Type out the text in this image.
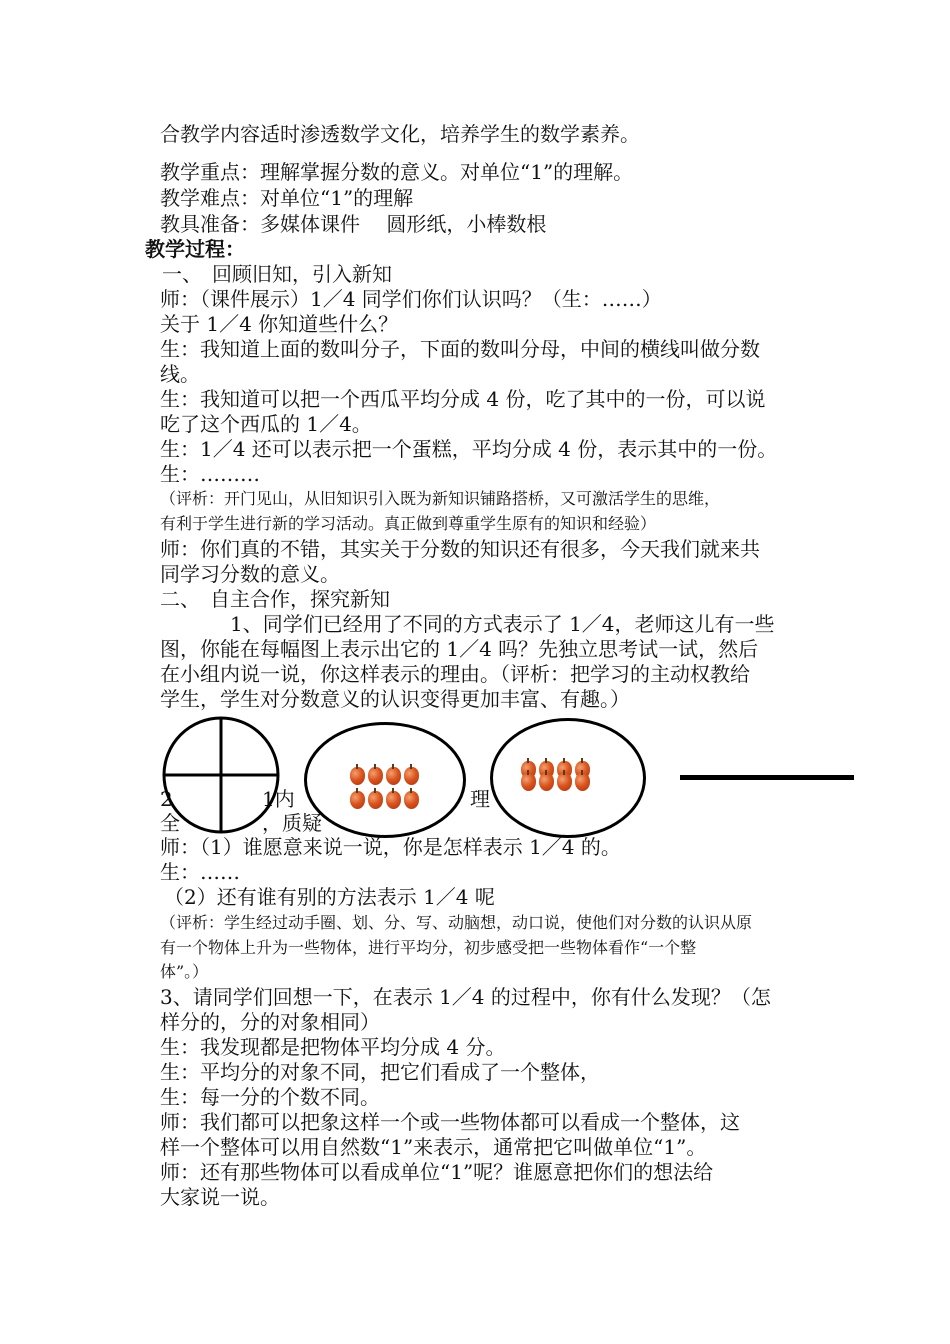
合教学内容适时渗透数学文化，培养学生的数学素养。
教学重点：理解掌握分数的意义。对单位“1”的理解。
教学难点：对单位“1”的理解
教具准备：多媒体课件　 圆形纸，小棒数根
教学过程：
一、　回顾旧知，引入新知
师：（课件展示）1／4 同学们你们认识吗？（生：……）
关于 1／4 你知道些什么？
生：我知道上面的数叫分子，下面的数叫分母，中间的横线叫做分数
线。
生：我知道可以把一个西瓜平均分成 4 份，吃了其中的一份，可以说
吃了这个西瓜的 1／4。
生：1／4 还可以表示把一个蛋糕，平均分成 4 份，表示其中的一份。
生：………
（评析：开门见山，从旧知识引入既为新知识铺路搭桥，又可激活学生的思维，
有利于学生进行新的学习活动。真正做到尊重学生原有的知识和经验）
师：你们真的不错，其实关于分数的知识还有很多，今天我们就来共
同学习分数的意义。
二、　自主合作，探究新知
1、同学们已经用了不同的方式表示了 1／4，老师这儿有一些
图，你能在每幅图上表示出它的 1／4 吗？先独立思考试一试，然后
在小组内说一说，你这样表示的理由。（评析：把学习的主动权教给
学生，学生对分数意义的认识变得更加丰富、有趣。）
2	1内	理
全	，质疑
师：（1）谁愿意来说一说，你是怎样表示 1／4 的。
生：……
（2）还有谁有别的方法表示 1／4 呢
（评析：学生经过动手圈、划、分、写、动脑想，动口说，使他们对分数的认识从原
有一个物体上升为一些物体，进行平均分，初步感受把一些物体看作“一个整
体”。）
3、请同学们回想一下，在表示 1／4 的过程中，你有什么发现？（怎
样分的，分的对象相同）
生：我发现都是把物体平均分成 4 分。
生：平均分的对象不同，把它们看成了一个整体，
生：每一分的个数不同。
师：我们都可以把象这样一个或一些物体都可以看成一个整体，这
样一个整体可以用自然数“1”来表示，通常把它叫做单位“1”。
师：还有那些物体可以看成单位“1”呢？谁愿意把你们的想法给
大家说一说。
